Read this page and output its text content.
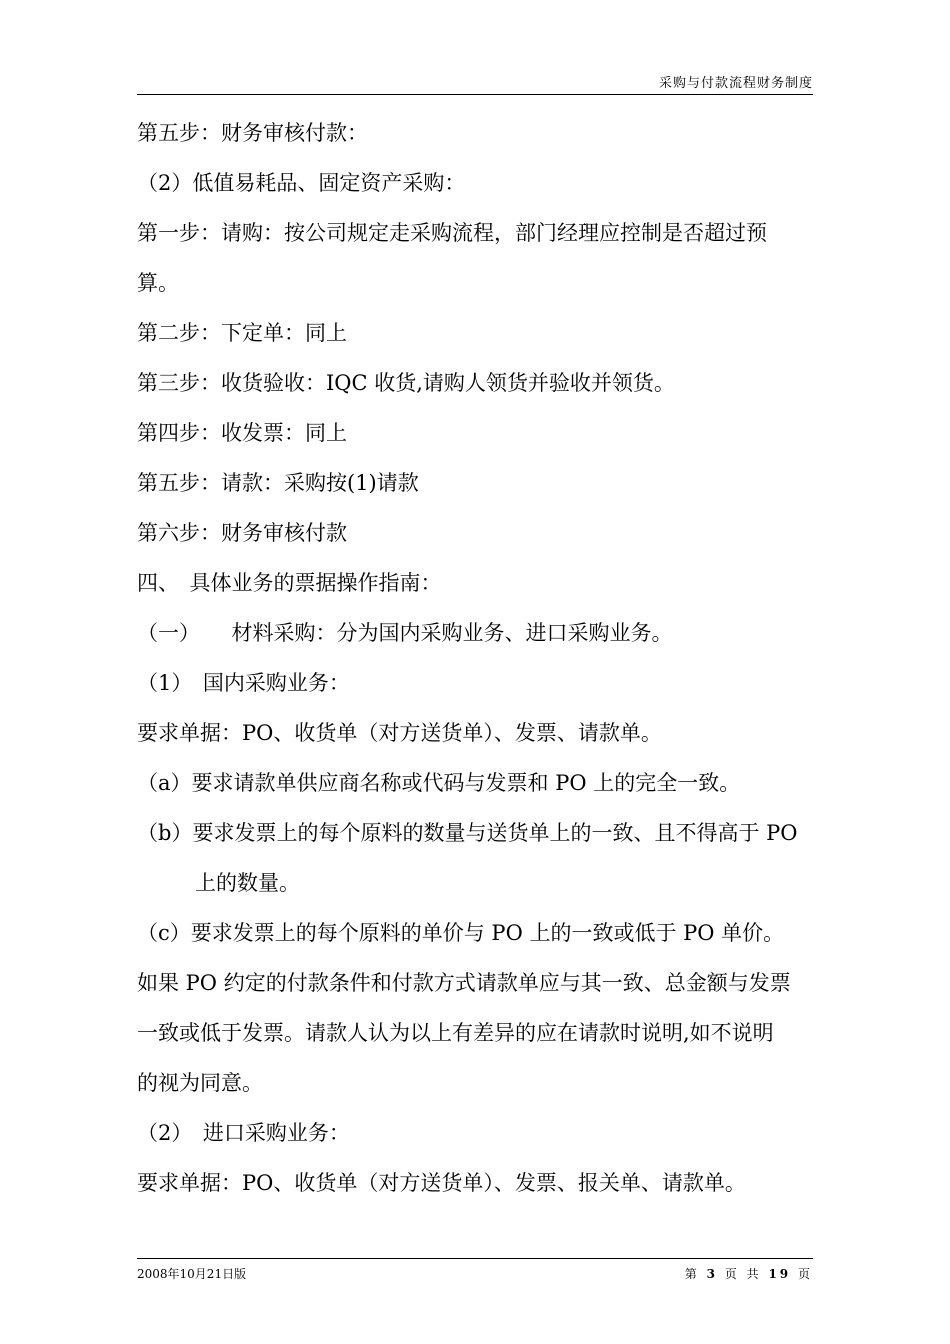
采购与付款流程财务制度
第五步：财务审核付款：
（2）低值易耗品、固定资产采购：
第一步：请购：按公司规定走采购流程，部门经理应控制是否超过预
算。
第二步：下定单：同上
第三步：收货验收：IQC 收货,请购人领货并验收并领货。
第四步：收发票：同上
第五步：请款：采购按(1)请款
第六步：财务审核付款
四、　具体业务的票据操作指南：
（一）　　材料采购：分为国内采购业务、进口采购业务。
（1）　国内采购业务：
要求单据：PO、收货单（对方送货单）、发票、请款单。
（a）要求请款单供应商名称或代码与发票和 PO 上的完全一致。
（b）要求发票上的每个原料的数量与送货单上的一致、且不得高于 PO
上的数量。
（c）要求发票上的每个原料的单价与 PO 上的一致或低于 PO 单价。
如果 PO 约定的付款条件和付款方式请款单应与其一致、总金额与发票
一致或低于发票。请款人认为以上有差异的应在请款时说明,如不说明
的视为同意。
（2）　进口采购业务：
要求单据：PO、收货单（对方送货单）、发票、报关单、请款单。
2008年10月21日版	第 3 页 共 19 页
